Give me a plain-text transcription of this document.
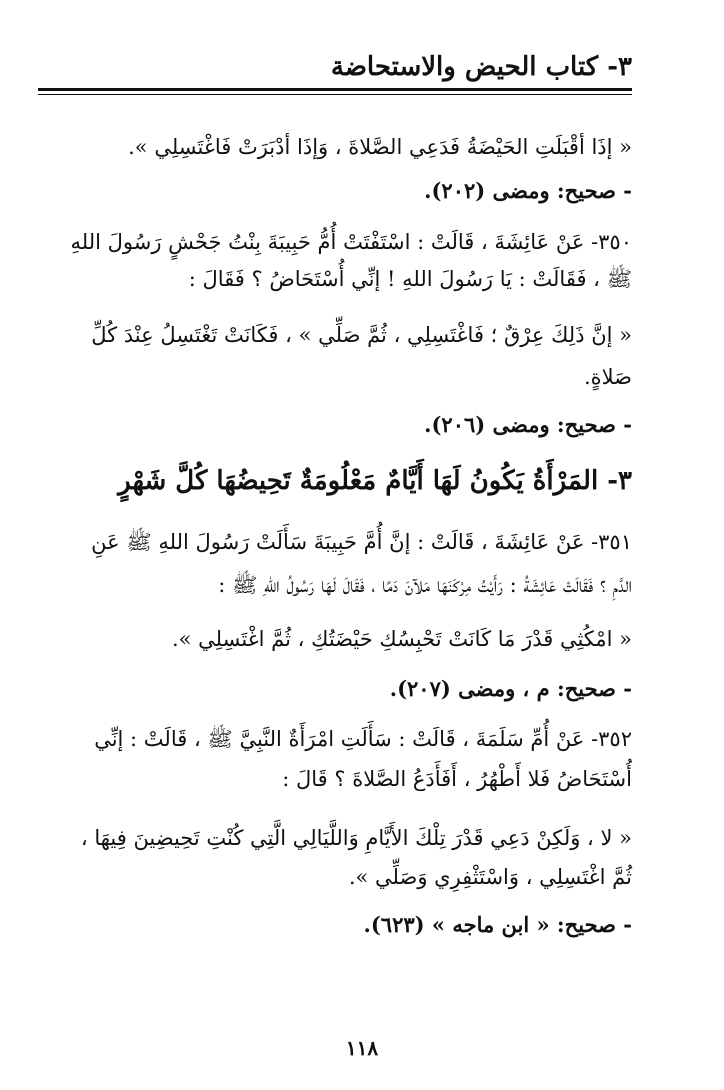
٣- كتاب الحيض والاستحاضة
« إذَا أقْبَلَتِ الحَيْضَةُ فَدَعِي الصَّلاةَ ، وَإذَا أدْبَرَتْ فَاغْتَسِلِي ».
- صحيح: ومضى (٢٠٢).
٣٥٠- عَنْ عَائِشَةَ ، قَالَتْ : اسْتَفْتَتْ أُمُّ حَبِيبَةَ بِنْتُ جَحْشٍ رَسُولَ اللهِ
ﷺ ، فَقَالَتْ : يَا رَسُولَ اللهِ ! إنِّي أُسْتَحَاضُ ؟ فَقَالَ :
« إنَّ ذَلِكَ عِرْقٌ ؛ فَاغْتَسِلِي ، ثُمَّ صَلِّي » ، فَكَانَتْ تَغْتَسِلُ عِنْدَ كُلِّ
صَلاةٍ.
- صحيح: ومضى (٢٠٦).
٣- المَرْأَةُ يَكُونُ لَهَا أَيَّامٌ مَعْلُومَةٌ تَحِيضُهَا كُلَّ شَهْرٍ
٣٥١- عَنْ عَائِشَةَ ، قَالَتْ : إنَّ أُمَّ حَبِيبَةَ سَأَلَتْ رَسُولَ اللهِ ﷺ عَنِ
الدَّمِ ؟ فَقَالَتْ عَائِشَةُ : رَأَيْتُ مِرْكَنَهَا مَلآنَ دَمًا ، فَقَالَ لَهَا رَسُولُ اللهِ ﷺ :
« امْكُثِي قَدْرَ مَا كَانَتْ تَحْبِسُكِ حَيْضَتُكِ ، ثُمَّ اغْتَسِلِي ».
- صحيح: م ، ومضى (٢٠٧).
٣٥٢- عَنْ أُمِّ سَلَمَةَ ، قَالَتْ : سَأَلَتِ امْرَأَةٌ النَّبِيَّ ﷺ ، قَالَتْ : إنِّي
أُسْتَحَاضُ فَلا أَطْهُرُ ، أَفَأَدَعُ الصَّلاةَ ؟ قَالَ :
« لا ، وَلَكِنْ دَعِي قَدْرَ تِلْكَ الأَيَّامِ وَاللَّيَالِي الَّتِي كُنْتِ تَحِيضِينَ فِيهَا ،
ثُمَّ اغْتَسِلِي ، وَاسْتَثْفِرِي وَصَلِّي ».
- صحيح: « ابن ماجه » (٦٢٣).
١١٨
